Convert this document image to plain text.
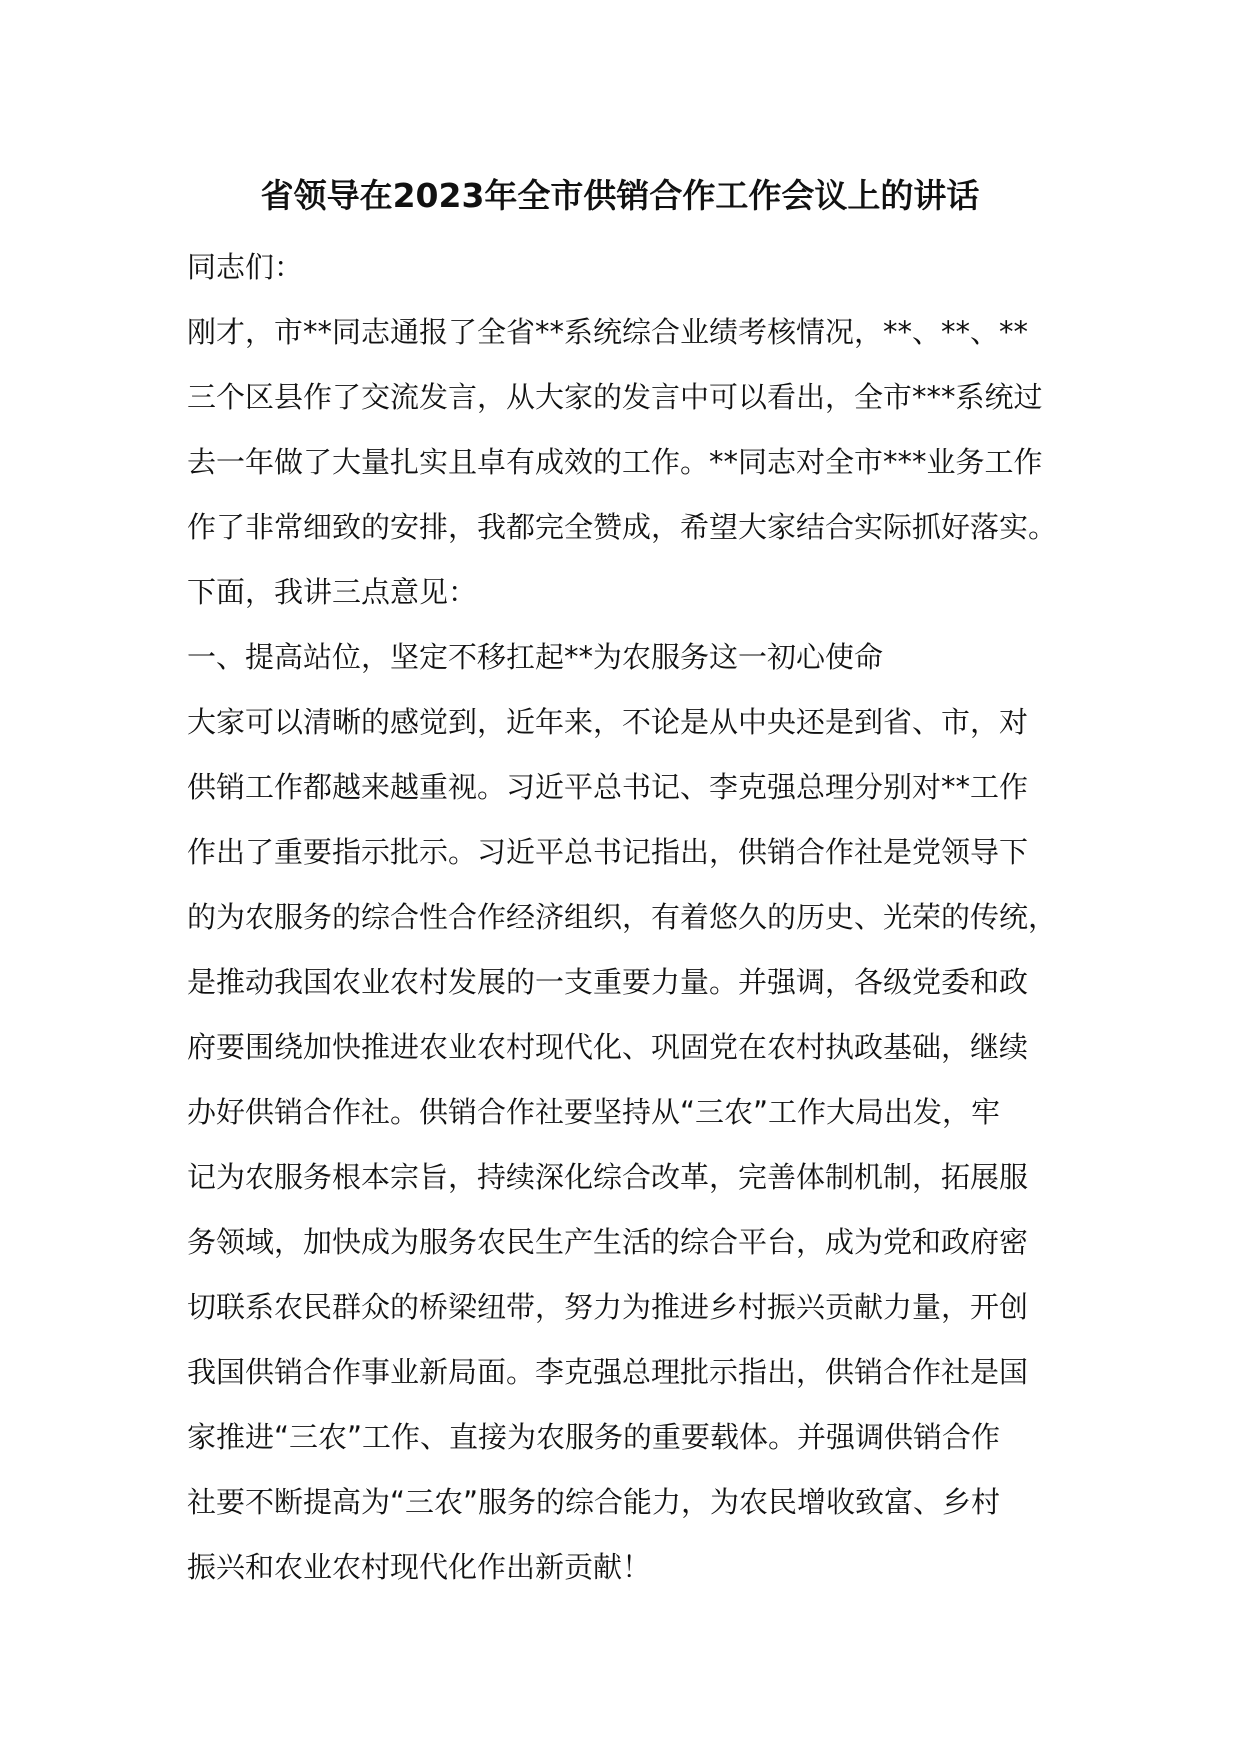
省领导在2023年全市供销合作工作会议上的讲话
同志们：
刚才，市**同志通报了全省**系统综合业绩考核情况，**、**、**
三个区县作了交流发言，从大家的发言中可以看出，全市***系统过
去一年做了大量扎实且卓有成效的工作。**同志对全市***业务工作
作了非常细致的安排，我都完全赞成，希望大家结合实际抓好落实。
下面，我讲三点意见：
一、提高站位，坚定不移扛起**为农服务这一初心使命
大家可以清晰的感觉到，近年来，不论是从中央还是到省、市，对
供销工作都越来越重视。习近平总书记、李克强总理分别对**工作
作出了重要指示批示。习近平总书记指出，供销合作社是党领导下
的为农服务的综合性合作经济组织，有着悠久的历史、光荣的传统，
是推动我国农业农村发展的一支重要力量。并强调，各级党委和政
府要围绕加快推进农业农村现代化、巩固党在农村执政基础，继续
办好供销合作社。供销合作社要坚持从“三农”工作大局出发，牢
记为农服务根本宗旨，持续深化综合改革，完善体制机制，拓展服
务领域，加快成为服务农民生产生活的综合平台，成为党和政府密
切联系农民群众的桥梁纽带，努力为推进乡村振兴贡献力量，开创
我国供销合作事业新局面。李克强总理批示指出，供销合作社是国
家推进“三农”工作、直接为农服务的重要载体。并强调供销合作
社要不断提高为“三农”服务的综合能力，为农民增收致富、乡村
振兴和农业农村现代化作出新贡献！
